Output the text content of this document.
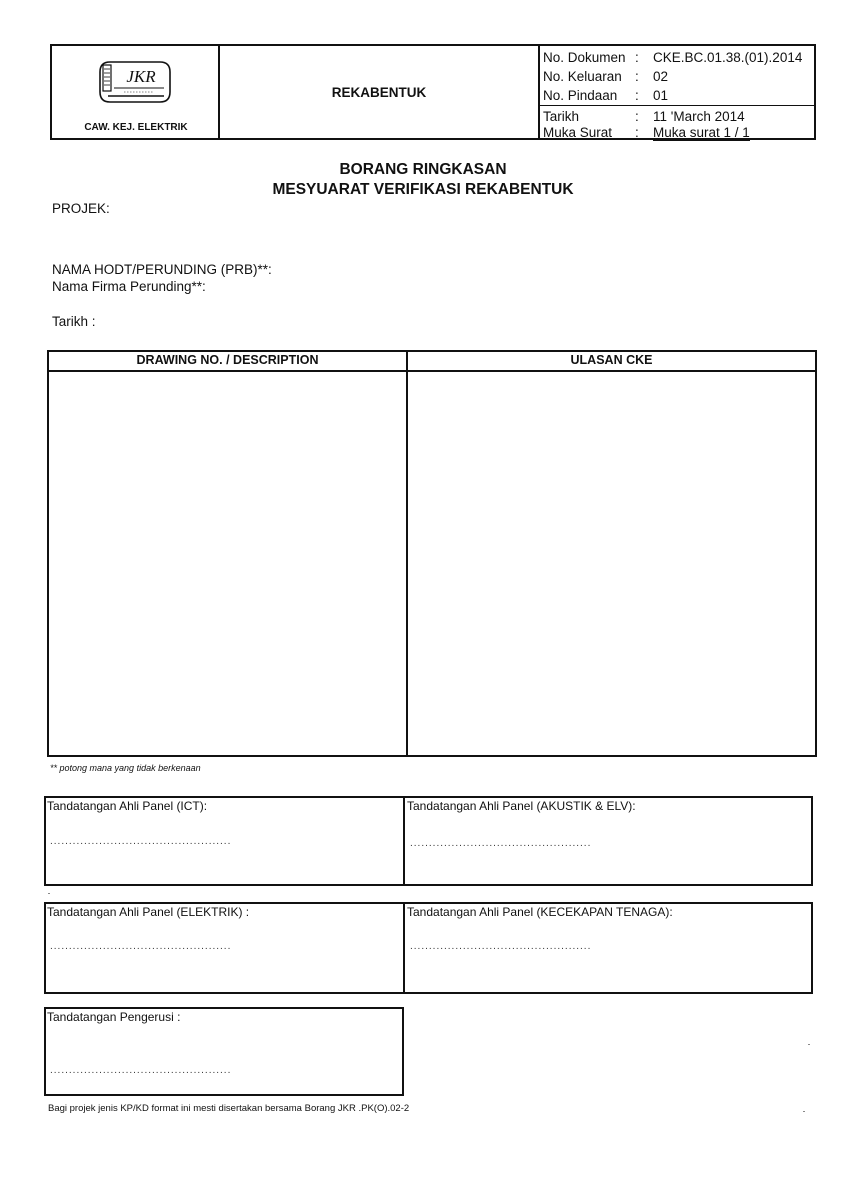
JKR
CAW. KEJ. ELEKTRIK
REKABENTUK
No. Dokumen : CKE.BC.01.38.(01).2014
No. Keluaran : 02
No. Pindaan : 01
Tarikh	: 11 'March 2014
Muka Surat : Muka surat 1 / 1
BORANG RINGKASAN
MESYUARAT VERIFIKASI REKABENTUK
PROJEK:
NAMA HODT/PERUNDING (PRB)**:
Nama Firma Perunding**:
Tarikh :
DRAWING NO. / DESCRIPTION	ULASAN CKE
** potong mana yang tidak berkenaan
Tandatangan Ahli Panel (ICT):
................................................
Tandatangan Ahli Panel (AKUSTIK & ELV):
................................................
Tandatangan Ahli Panel (ELEKTRIK) :
................................................
Tandatangan Ahli Panel (KECEKAPAN TENAGA):
................................................
Tandatangan Pengerusi :
................................................
Bagi projek jenis KP/KD format ini mesti disertakan bersama Borang JKR .PK(O).02-2
